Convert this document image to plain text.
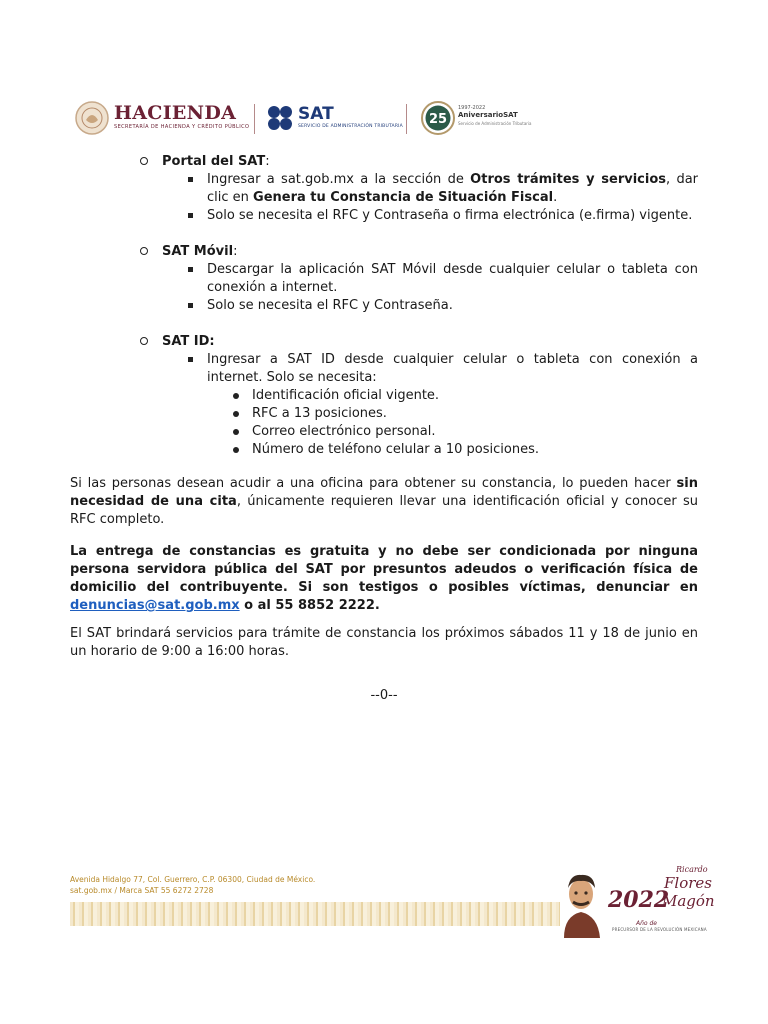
HACIENDA
SECRETARÍA DE HACIENDA Y CRÉDITO PÚBLICO
SAT
SERVICIO DE ADMINISTRACIÓN TRIBUTARIA 25
1997-2022
AniversarioSAT
Servicio de Administración Tributaria
Portal del SAT:
Ingresar a sat.gob.mx a la sección de Otros trámites y servicios, dar clic en Genera tu Constancia de Situación Fiscal.
Solo se necesita el RFC y Contraseña o firma electrónica (e.firma) vigente.
SAT Móvil:
Descargar la aplicación SAT Móvil desde cualquier celular o tableta con conexión a internet.
Solo se necesita el RFC y Contraseña.
SAT ID:
Ingresar a SAT ID desde cualquier celular o tableta con conexión a internet. Solo se necesita:
Identificación oficial vigente.
RFC a 13 posiciones.
Correo electrónico personal.
Número de teléfono celular a 10 posiciones.

Si las personas desean acudir a una oficina para obtener su constancia, lo pueden hacer sin necesidad de una cita, únicamente requieren llevar una identificación oficial y conocer su RFC completo.

La entrega de constancias es gratuita y no debe ser condicionada por ninguna persona servidora pública del SAT por presuntos adeudos o verificación física de domicilio del contribuyente. Si son testigos o posibles víctimas, denunciar en denuncias@sat.gob.mx o al 55 8852 2222.

El SAT brindará servicios para trámite de constancia los próximos sábados 11 y 18 de junio en un horario de 9:00 a 16:00 horas.

--0--
Avenida Hidalgo 77, Col. Guerrero, C.P. 06300, Ciudad de México.
sat.gob.mx / Marca SAT 55 6272 2728	2022
Año de
Ricardo
Flores
Magón
PRECURSOR DE LA REVOLUCIÓN MEXICANA
